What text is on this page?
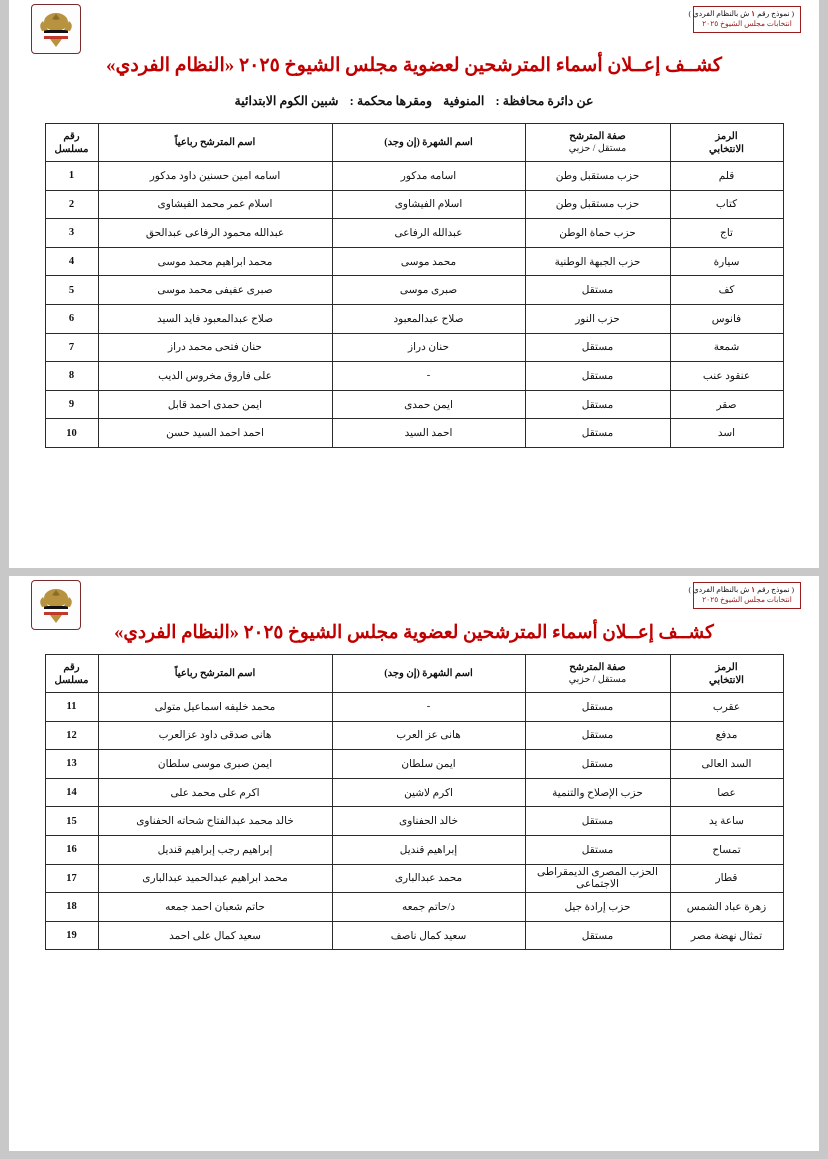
( نموذج رقم ١ ش بالنظام الفردي )
انتخابات مجلس الشيوخ ٢٠٢٥
كشــف إعــلان أسماء المترشحين لعضوية مجلس الشيوخ ٢٠٢٥ «النظام الفردي»
عن دائرة محافظة : المنوفية ومقرها محكمة : شبين الكوم الابتدائية
الرمز
الانتخابي	صفة المترشح
مستقل / حزبي	اسم الشهرة (إن وجد)	اسم المترشح رباعياً	رقم
مسلسل

قلم	حزب مستقبل وطن	اسامه مدكور	اسامه امين حسنين داود مدكور	1
كتاب	حزب مستقبل وطن	اسلام الفيشاوى	اسلام عمر محمد الفيشاوى	2
تاج	حزب حماة الوطن	عبدالله الرفاعى	عبدالله محمود الرفاعى عبدالحق	3
سيارة	حزب الجبهة الوطنية	محمد موسى	محمد ابراهيم محمد موسى	4
كف	مستقل	صبرى موسى	صبرى عفيفى محمد موسى	5
فانوس	حزب النور	صلاح عبدالمعبود	صلاح عبدالمعبود فايد السيد	6
شمعة	مستقل	حنان دراز	حنان فتحى محمد دراز	7
عنقود عنب	مستقل	-	على فاروق مخروس الديب	8
صقر	مستقل	ايمن حمدى	ايمن حمدى احمد قابل	9
اسد	مستقل	احمد السيد	احمد احمد السيد حسن	10
( نموذج رقم ١ ش بالنظام الفردي )
انتخابات مجلس الشيوخ ٢٠٢٥
كشــف إعــلان أسماء المترشحين لعضوية مجلس الشيوخ ٢٠٢٥ «النظام الفردي»
الرمز
الانتخابي	صفة المترشح
مستقل / حزبي	اسم الشهرة (إن وجد)	اسم المترشح رباعياً	رقم
مسلسل

عقرب	مستقل	-	محمد خليفه اسماعيل متولى	11
مدفع	مستقل	هانى عز العرب	هانى صدقى داود عزالعرب	12
السد العالى	مستقل	ايمن سلطان	ايمن صبرى موسى سلطان	13
عصا	حزب الإصلاح والتنمية	اكرم لاشين	اكرم على محمد على	14
ساعة يد	مستقل	خالد الحفناوى	خالد محمد عبدالفتاح شحاته الحفناوى	15
تمساح	مستقل	إبراهيم قنديل	إبراهيم رجب إبراهيم قنديل	16
قطار	الحزب المصرى الديمقراطى الاجتماعى	محمد عبدالبارى	محمد ابراهيم عبدالحميد عبدالبارى	17
زهرة عباد الشمس	حزب إرادة جيل	د/حاتم جمعه	حاتم شعبان احمد جمعه	18
تمثال نهضة مصر	مستقل	سعيد كمال ناصف	سعيد كمال على احمد	19
